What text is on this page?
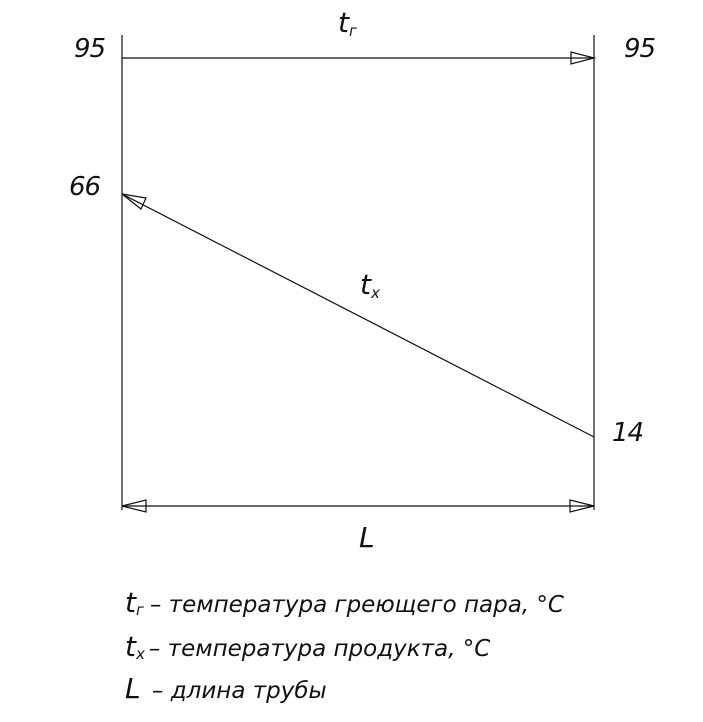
95	95
66
14
tг
tx
L
tг – температура греющего пара, °С
tx – температура продукта, °С
L – длина трубы
